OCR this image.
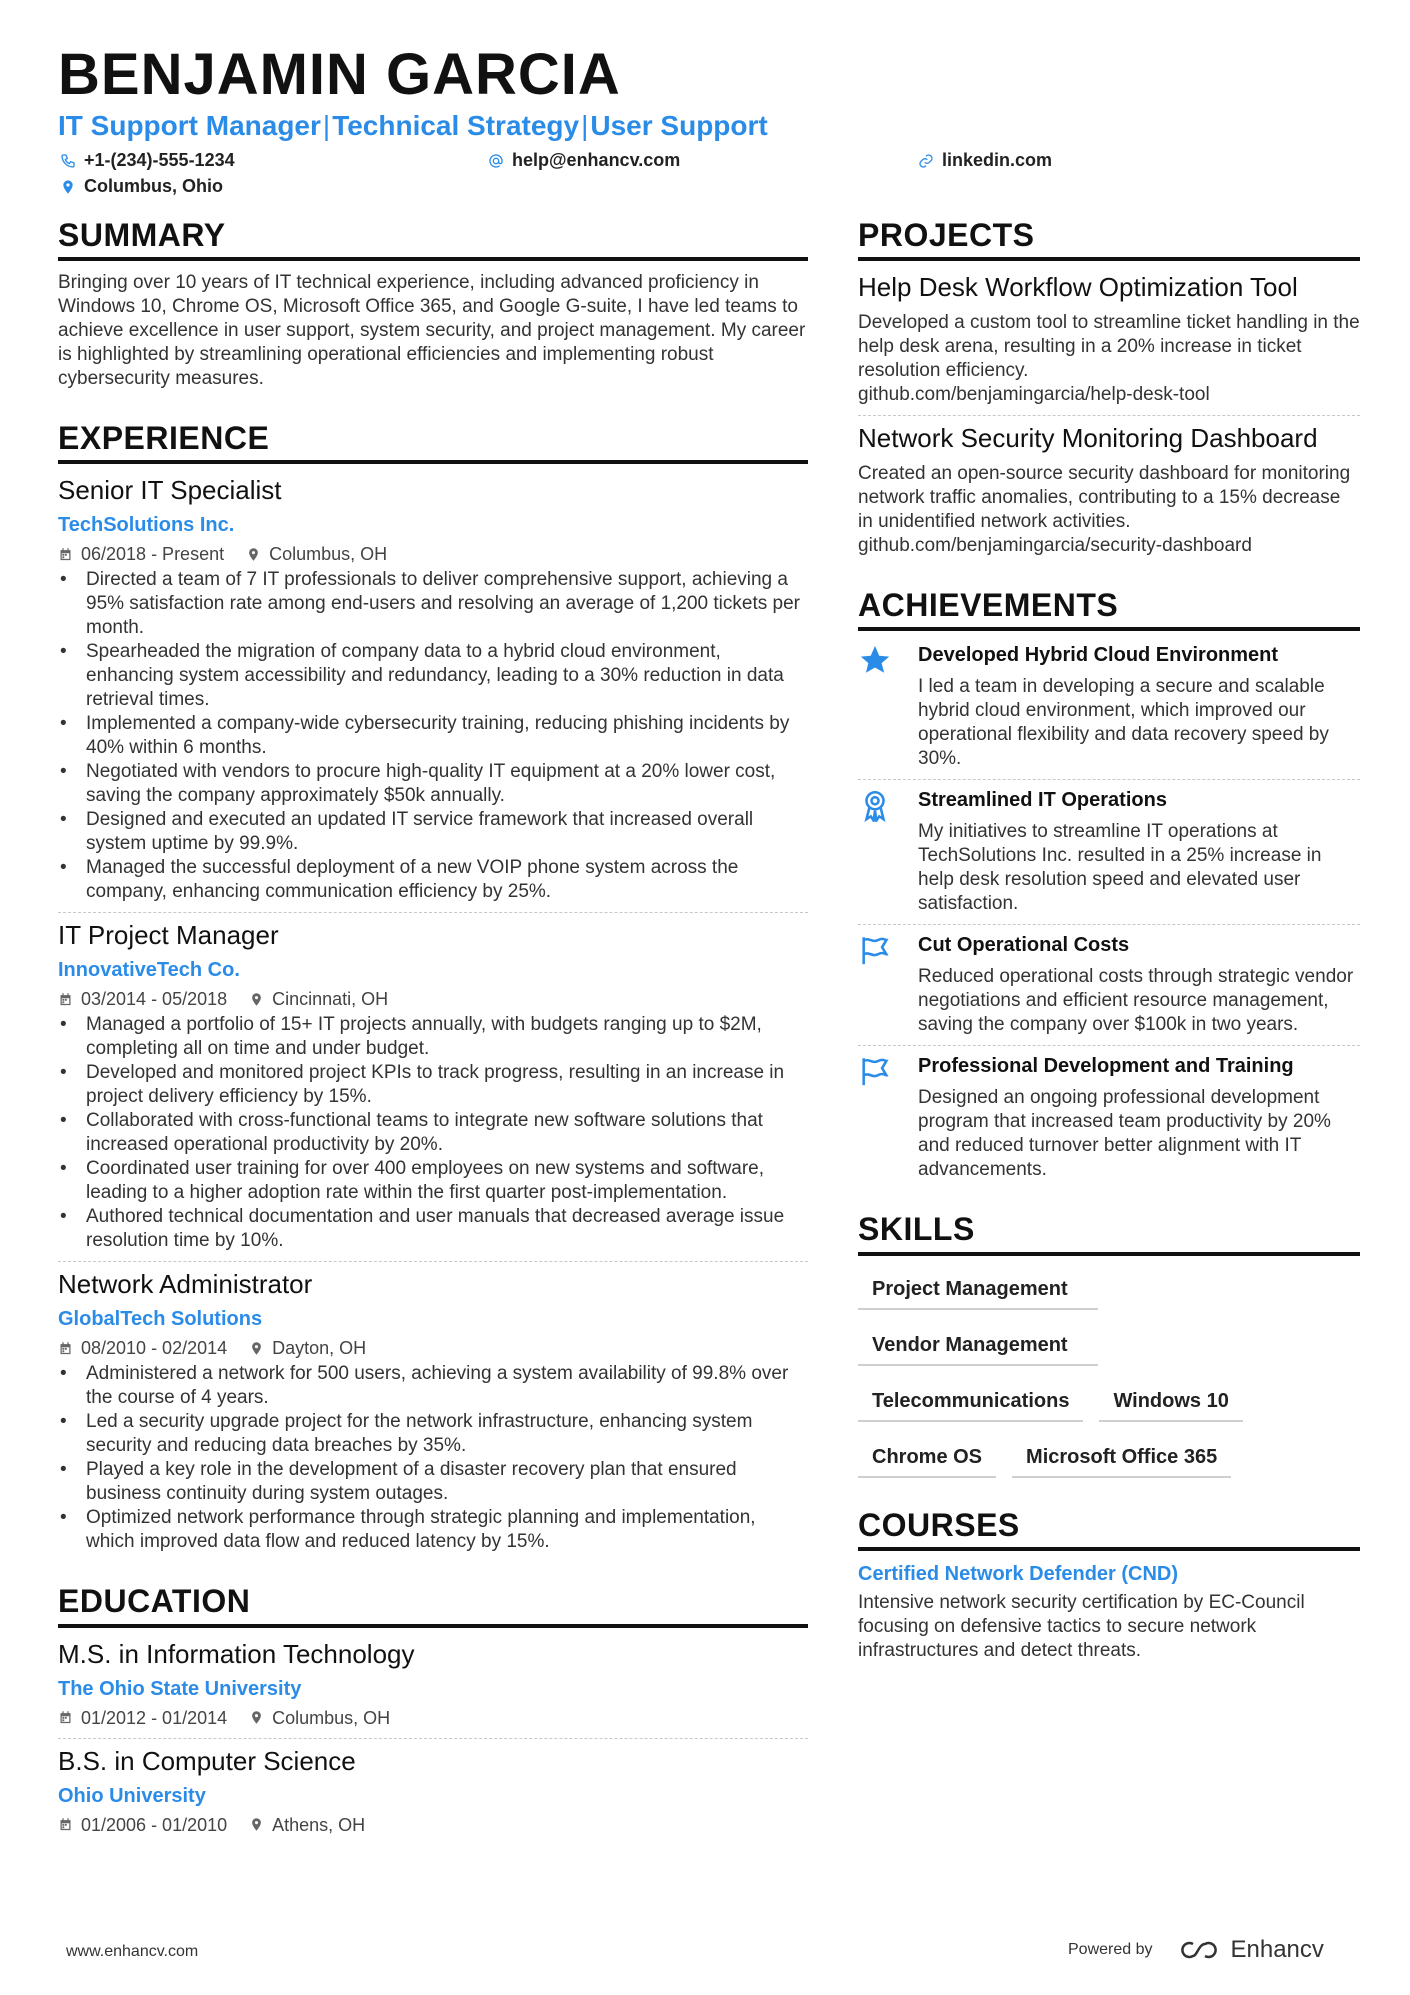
BENJAMIN GARCIA
IT Support Manager|Technical Strategy|User Support
+1-(234)-555-1234	help@enhancv.com	linkedin.com
Columbus, Ohio
SUMMARY
Bringing over 10 years of IT technical experience, including advanced proficiency in Windows 10, Chrome OS, Microsoft Office 365, and Google G-suite, I have led teams to achieve excellence in user support, system security, and project management. My career is highlighted by streamlining operational efficiencies and implementing robust cybersecurity measures.
EXPERIENCE
Senior IT Specialist
TechSolutions Inc.
06/2018 - Present	Columbus, OH
• Directed a team of 7 IT professionals to deliver comprehensive support, achieving a 95% satisfaction rate among end-users and resolving an average of 1,200 tickets per month.
• Spearheaded the migration of company data to a hybrid cloud environment, enhancing system accessibility and redundancy, leading to a 30% reduction in data retrieval times.
• Implemented a company-wide cybersecurity training, reducing phishing incidents by 40% within 6 months.
• Negotiated with vendors to procure high-quality IT equipment at a 20% lower cost, saving the company approximately $50k annually.
• Designed and executed an updated IT service framework that increased overall system uptime by 99.9%.
• Managed the successful deployment of a new VOIP phone system across the company, enhancing communication efficiency by 25%.
IT Project Manager
InnovativeTech Co.
03/2014 - 05/2018	Cincinnati, OH
• Managed a portfolio of 15+ IT projects annually, with budgets ranging up to $2M, completing all on time and under budget.
• Developed and monitored project KPIs to track progress, resulting in an increase in project delivery efficiency by 15%.
• Collaborated with cross-functional teams to integrate new software solutions that increased operational productivity by 20%.
• Coordinated user training for over 400 employees on new systems and software, leading to a higher adoption rate within the first quarter post-implementation.
• Authored technical documentation and user manuals that decreased average issue resolution time by 10%.
Network Administrator
GlobalTech Solutions
08/2010 - 02/2014	Dayton, OH
• Administered a network for 500 users, achieving a system availability of 99.8% over the course of 4 years.
• Led a security upgrade project for the network infrastructure, enhancing system security and reducing data breaches by 35%.
• Played a key role in the development of a disaster recovery plan that ensured business continuity during system outages.
• Optimized network performance through strategic planning and implementation, which improved data flow and reduced latency by 15%.
EDUCATION
M.S. in Information Technology
The Ohio State University
01/2012 - 01/2014	Columbus, OH
B.S. in Computer Science
Ohio University
01/2006 - 01/2010	Athens, OH
PROJECTS
Help Desk Workflow Optimization Tool
Developed a custom tool to streamline ticket handling in the help desk arena, resulting in a 20% increase in ticket resolution efficiency.
github.com/benjamingarcia/help-desk-tool
Network Security Monitoring Dashboard
Created an open-source security dashboard for monitoring network traffic anomalies, contributing to a 15% decrease in unidentified network activities.
github.com/benjamingarcia/security-dashboard
ACHIEVEMENTS
Developed Hybrid Cloud Environment
I led a team in developing a secure and scalable hybrid cloud environment, which improved our operational flexibility and data recovery speed by 30%.
Streamlined IT Operations
My initiatives to streamline IT operations at TechSolutions Inc. resulted in a 25% increase in help desk resolution speed and elevated user satisfaction.
Cut Operational Costs
Reduced operational costs through strategic vendor negotiations and efficient resource management, saving the company over $100k in two years.
Professional Development and Training
Designed an ongoing professional development program that increased team productivity by 20% and reduced turnover better alignment with IT advancements.
SKILLS
Project Management
Vendor Management
Telecommunications	Windows 10
Chrome OS	Microsoft Office 365
COURSES
Certified Network Defender (CND)
Intensive network security certification by EC-Council focusing on defensive tactics to secure network infrastructures and detect threats.
www.enhancv.com	Powered by	Enhancv
